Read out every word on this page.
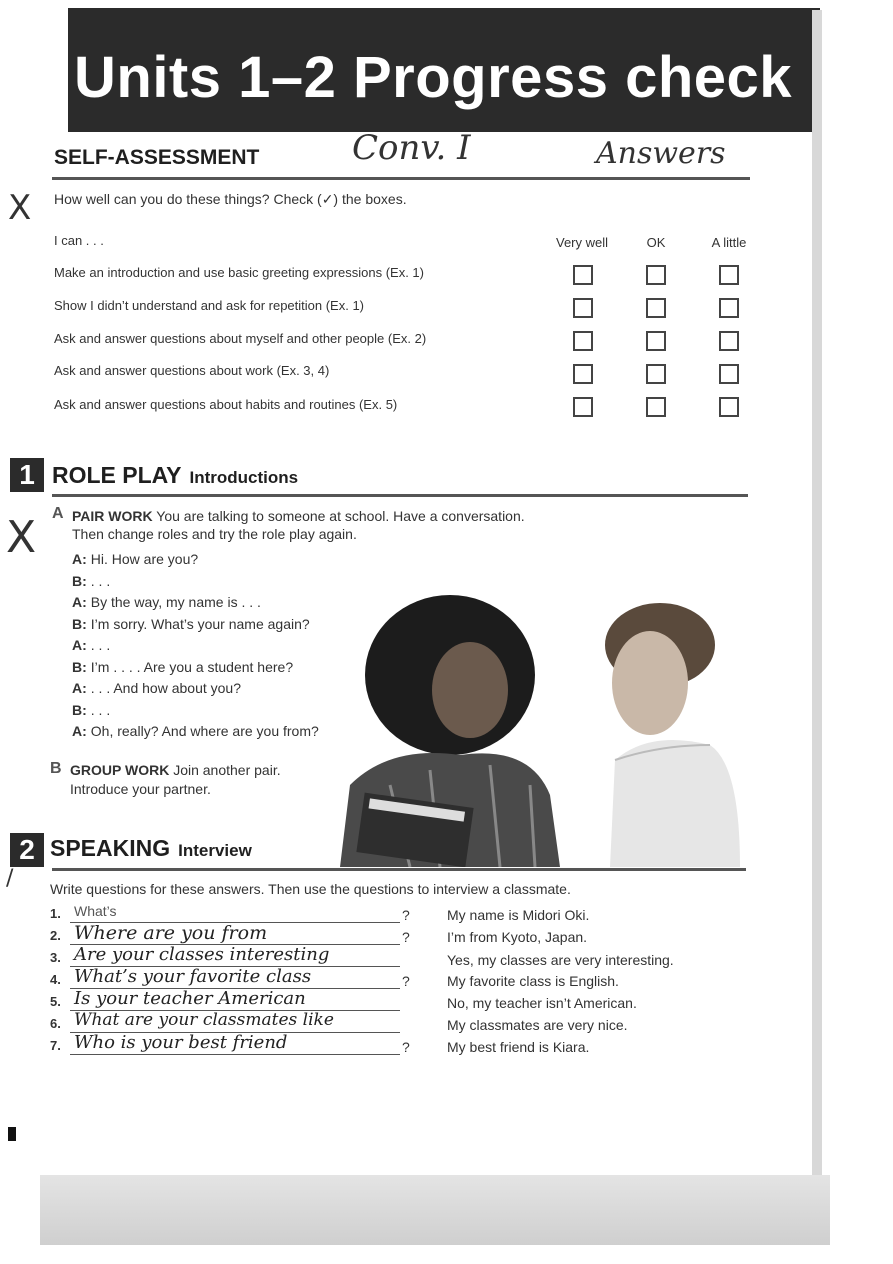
Units 1–2 Progress check
Conv. I	Answers
SELF-ASSESSMENT
X How well can you do these things? Check (✓) the boxes.
I can . . .	Very well	OK	A little
Make an introduction and use basic greeting expressions (Ex. 1)
Show I didn’t understand and ask for repetition (Ex. 1)
Ask and answer questions about myself and other people (Ex. 2)
Ask and answer questions about work (Ex. 3, 4)
Ask and answer questions about habits and routines (Ex. 5)
1 ROLE PLAY Introductions
X A PAIR WORK You are talking to someone at school. Have a conversation.
Then change roles and try the role play again.
A: Hi. How are you?
B: . . .
A: By the way, my name is . . .
B: I’m sorry. What’s your name again?
A: . . .
B: I’m . . . . Are you a student here?
A: . . . And how about you?
B: . . .
A: Oh, really? And where are you from?
B GROUP WORK Join another pair.
Introduce your partner.
2 SPEAKING Interview
/	Write questions for these answers. Then use the questions to interview a classmate.
1. What’s	?	My name is Midori Oki.
2. Where are you from	?	I’m from Kyoto, Japan.
3. Are your classes interesting	Yes, my classes are very interesting.
4. What’s your favorite class	?	My favorite class is English.
5. Is your teacher American	No, my teacher isn’t American.
6. What are your classmates like	My classmates are very nice.
7. Who is your best friend	?	My best friend is Kiara.
